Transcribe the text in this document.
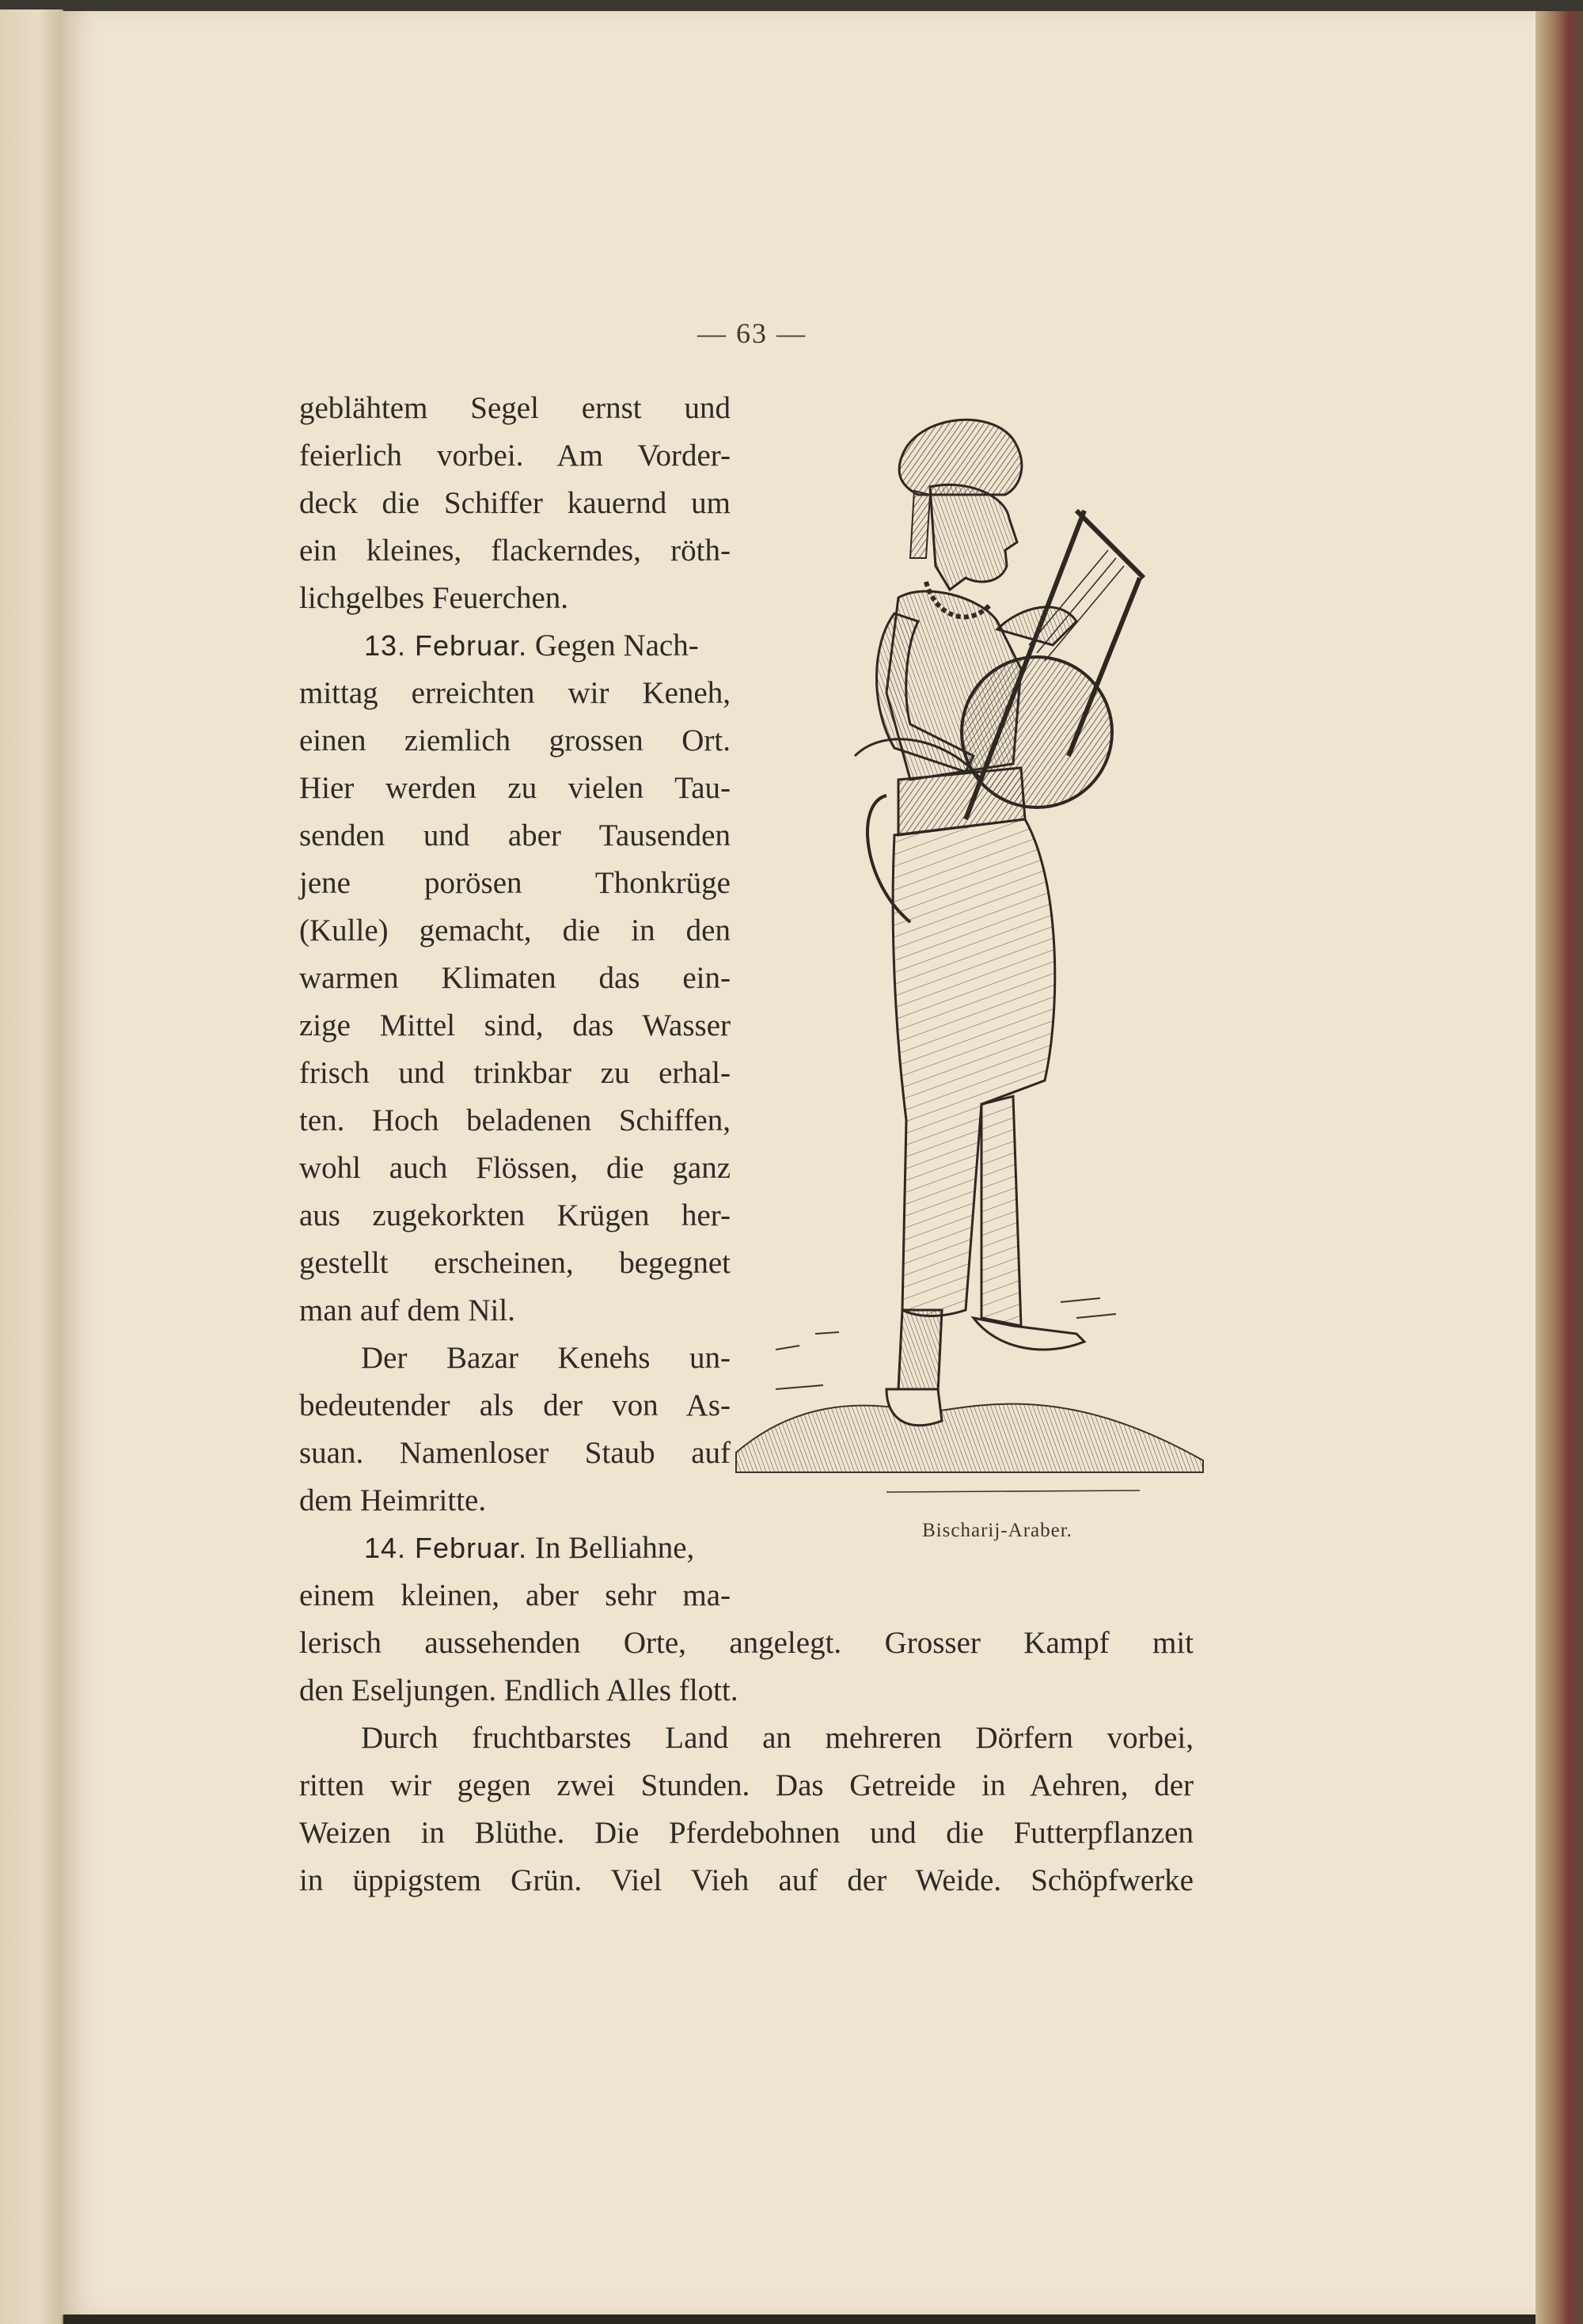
— 63 —
geblähtem Segel ernst und
feierlich vorbei. Am Vorder-
deck die Schiffer kauernd um
ein kleines, flackerndes, röth-
lichgelbes Feuerchen.
13. Februar. Gegen Nach-
mittag erreichten wir Keneh,
einen ziemlich grossen Ort.
Hier werden zu vielen Tau-
senden und aber Tausenden
jene porösen Thonkrüge
(Kulle) gemacht, die in den
warmen Klimaten das ein-
zige Mittel sind, das Wasser
frisch und trinkbar zu erhal-
ten. Hoch beladenen Schiffen,
wohl auch Flössen, die ganz
aus zugekorkten Krügen her-
gestellt erscheinen, begegnet
man auf dem Nil.
Der Bazar Kenehs un-
bedeutender als der von As-
suan. Namenloser Staub auf
dem Heimritte.
14. Februar. In Belliahne,
einem kleinen, aber sehr ma-
lerisch aussehenden Orte, angelegt. Grosser Kampf mit
den Eseljungen. Endlich Alles flott.
Durch fruchtbarstes Land an mehreren Dörfern vorbei,
ritten wir gegen zwei Stunden. Das Getreide in Aehren, der
Weizen in Blüthe. Die Pferdebohnen und die Futterpflanzen
in üppigstem Grün. Viel Vieh auf der Weide. Schöpfwerke
Bischarij-Araber.
